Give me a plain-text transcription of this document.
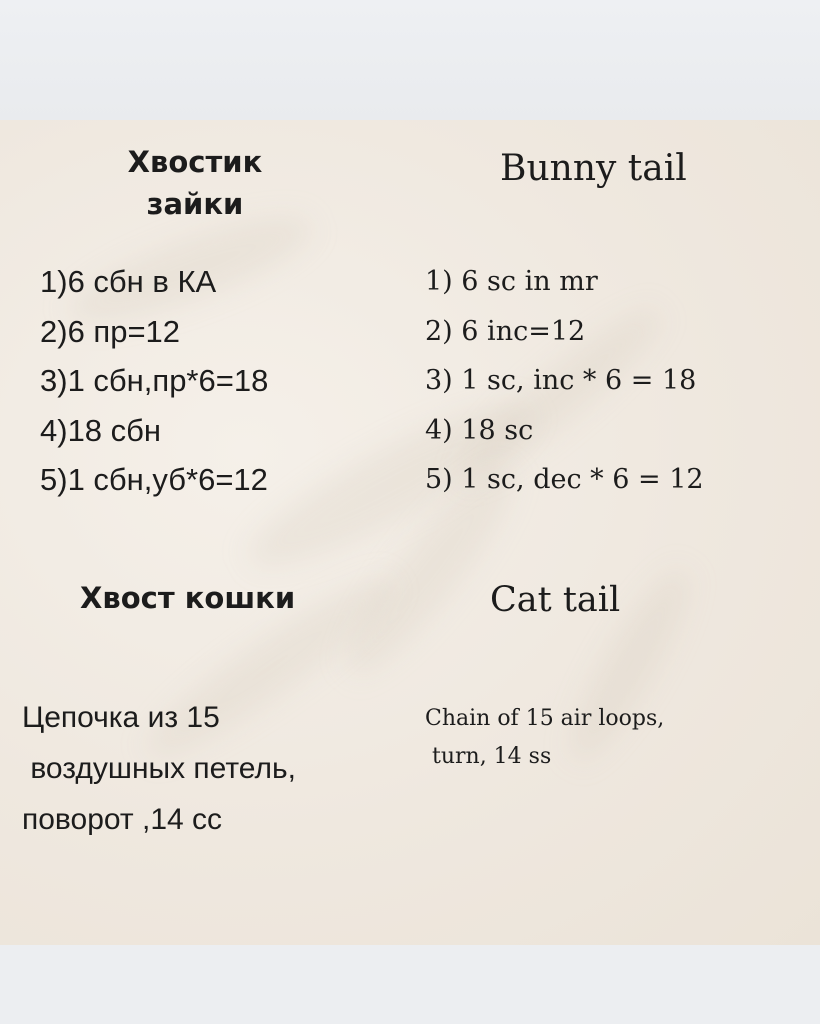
Хвостик
зайки
Bunny tail
1)6 сбн в КА
2)6 пр=12
3)1 сбн,пр*6=18
4)18 сбн
5)1 сбн,уб*6=12
1) 6 sc in mr
2) 6 inc=12
3) 1 sc, inc * 6 = 18
4) 18 sc
5) 1 sc, dec * 6 = 12
Хвост кошки	Cat tail
Цепочка из 15
воздушных петель,
поворот ,14 сс
Chain of 15 air loops,
turn, 14 ss
